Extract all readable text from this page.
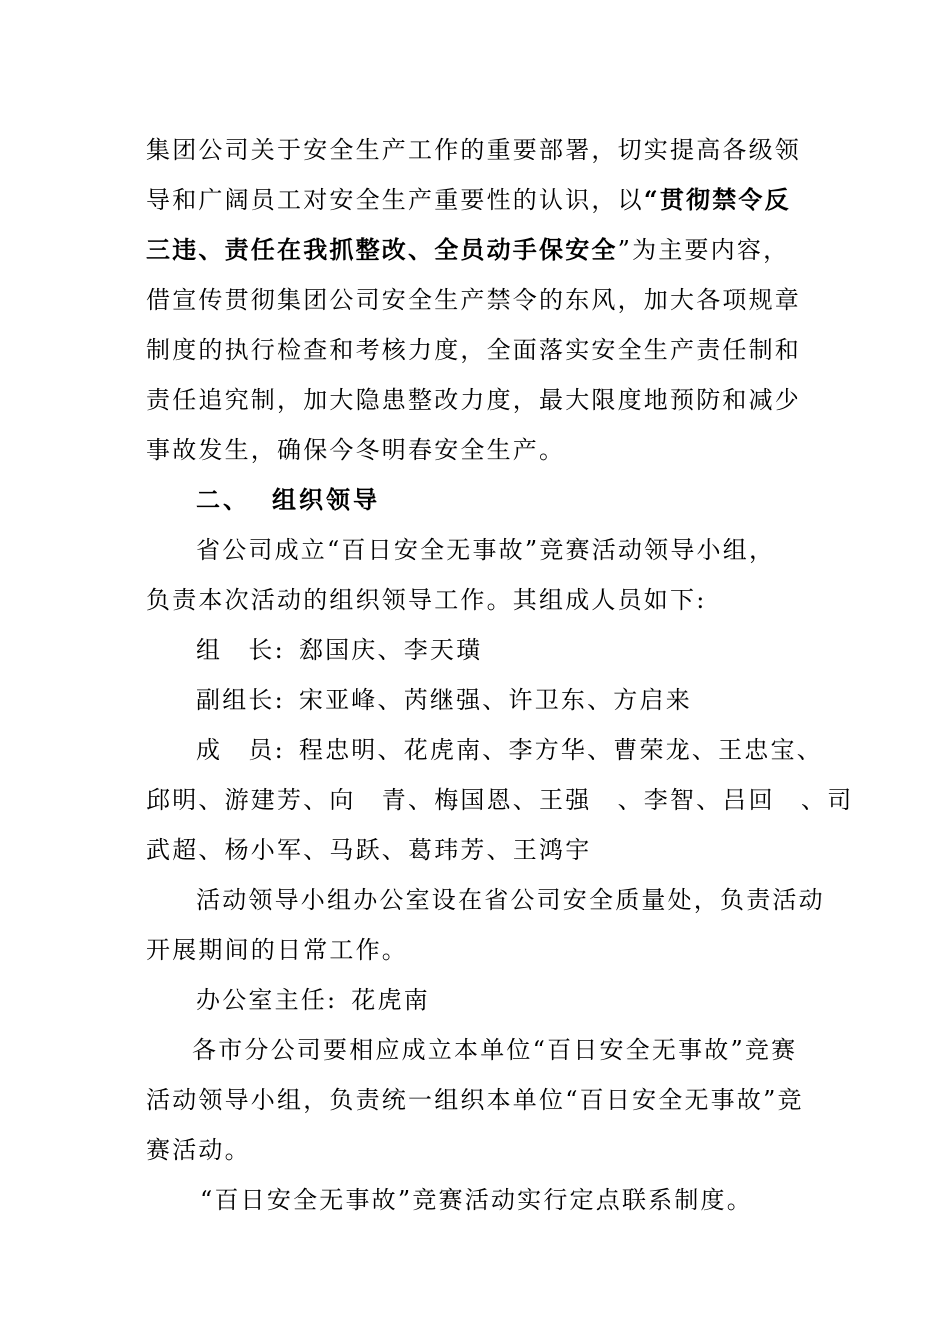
集团公司关于安全生产工作的重要部署，切实提高各级领
导和广阔员工对安全生产重要性的认识，以“贯彻禁令反
三违、责任在我抓整改、全员动手保安全”为主要内容，
借宣传贯彻集团公司安全生产禁令的东风，加大各项规章
制度的执行检查和考核力度，全面落实安全生产责任制和
责任追究制，加大隐患整改力度，最大限度地预防和减少
事故发生，确保今冬明春安全生产。
二、 组织领导
省公司成立“百日安全无事故”竞赛活动领导小组，
负责本次活动的组织领导工作。其组成人员如下:
组　长: 郄国庆、李天璜
副组长: 宋亚峰、芮继强、许卫东、方启来
成　员: 程忠明、花虎南、李方华、曹荣龙、王忠宝、
邱明、游建芳、向　青、梅国恩、王强　、李智、吕回　、司
武超、杨小军、马跃、葛玮芳、王鸿宇
活动领导小组办公室设在省公司安全质量处，负责活动
开展期间的日常工作。
办公室主任: 花虎南
各市分公司要相应成立本单位“百日安全无事故”竞赛
活动领导小组，负责统一组织本单位“百日安全无事故”竞
赛活动。
“百日安全无事故”竞赛活动实行定点联系制度。
